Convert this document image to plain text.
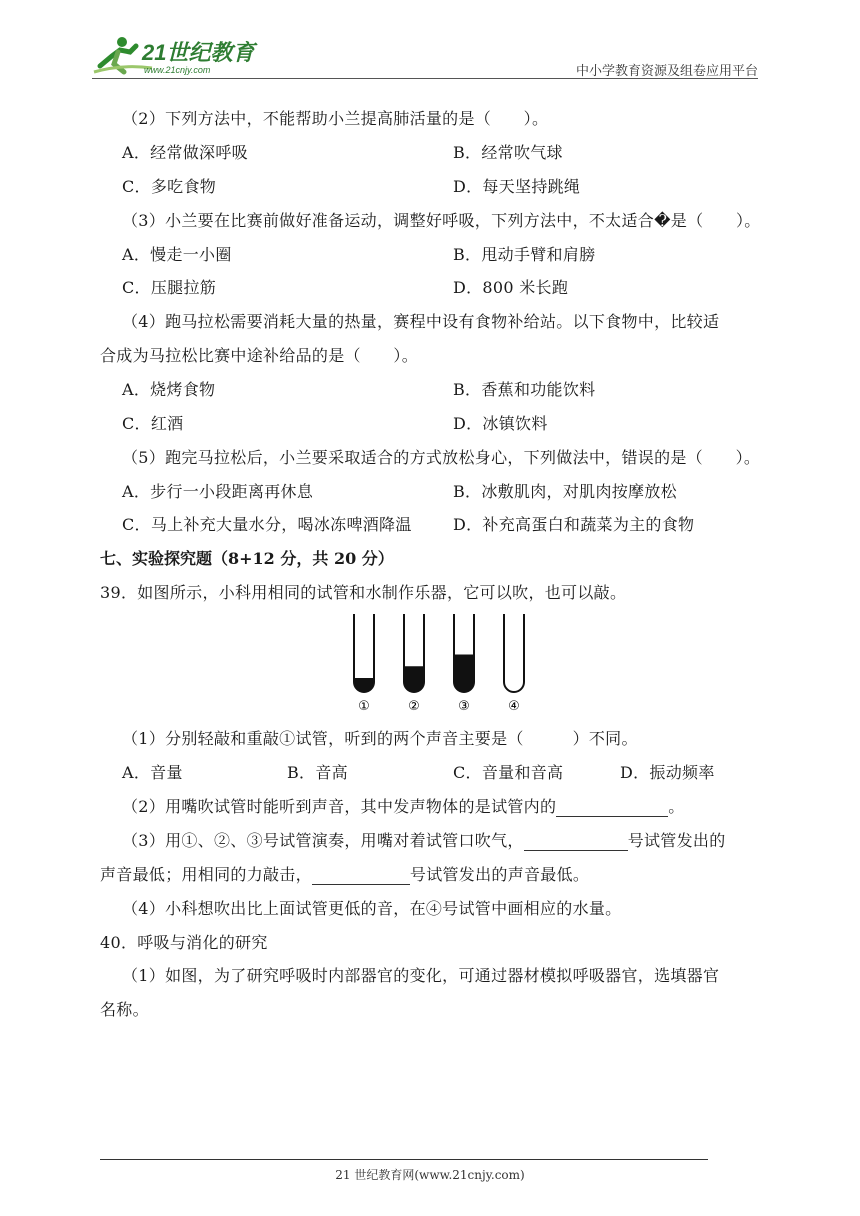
21世纪教育
www.21cnjy.com	中小学教育资源及组卷应用平台
（2）下列方法中，不能帮助小兰提高肺活量的是（　　）。
A．经常做深呼吸	B．经常吹气球
C．多吃食物	D．每天坚持跳绳
（3）小兰要在比赛前做好准备运动，调整好呼吸，下列方法中，不太适合�是（　　）。
A．慢走一小圈	B．甩动手臂和肩膀
C．压腿拉筋	D．800 米长跑
（4）跑马拉松需要消耗大量的热量，赛程中设有食物补给站。以下食物中，比较适
合成为马拉松比赛中途补给品的是（　　）。
A．烧烤食物	B．香蕉和功能饮料
C．红酒	D．冰镇饮料
（5）跑完马拉松后，小兰要采取适合的方式放松身心，下列做法中，错误的是（　　）。
A．步行一小段距离再休息	B．冰敷肌肉，对肌肉按摩放松
C．马上补充大量水分，喝冰冻啤酒降温	D．补充高蛋白和蔬菜为主的食物
七、实验探究题（8+12 分，共 20 分）
39．如图所示，小科用相同的试管和水制作乐器，它可以吹，也可以敲。
①	②	③	④
（1）分别轻敲和重敲①试管，听到的两个声音主要是（　　　）不同。
A．音量	B．音高	C．音量和音高	D．振动频率
（2）用嘴吹试管时能听到声音，其中发声物体的是试管内的	。
（3）用①、②、③号试管演奏，用嘴对着试管口吹气，	号试管发出的
声音最低；用相同的力敲击，	号试管发出的声音最低。
（4）小科想吹出比上面试管更低的音，在④号试管中画相应的水量。
40．呼吸与消化的研究
（1）如图，为了研究呼吸时内部器官的变化，可通过器材模拟呼吸器官，选填器官
名称。
21 世纪教育网(www.21cnjy.com)
